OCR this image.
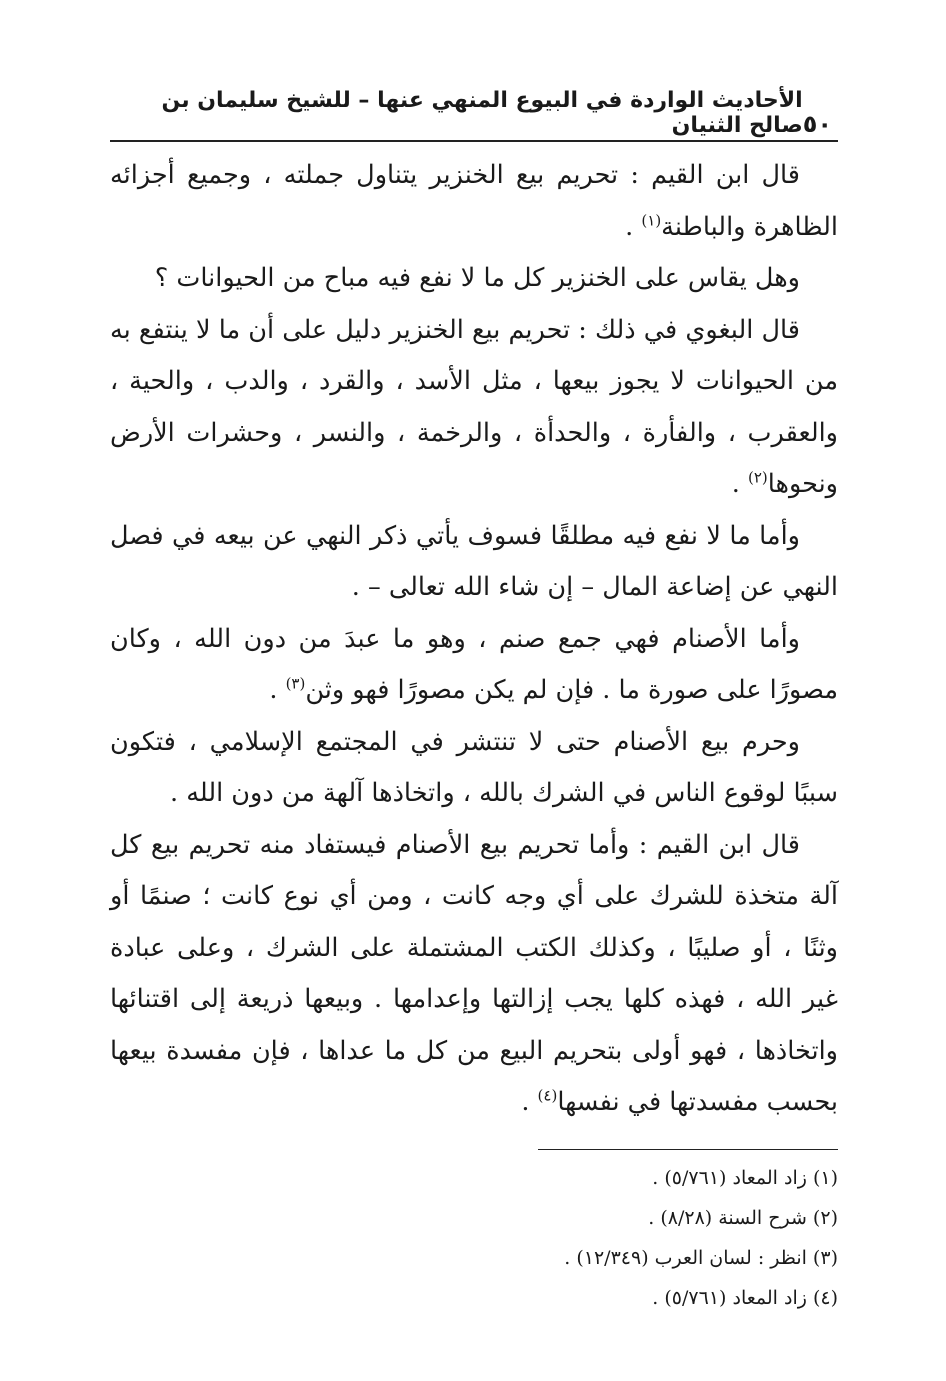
٥٠
الأحاديث الواردة في البيوع المنهي عنها – للشيخ سليمان بن صالح الثنيان

قال ابن القيم : تحريم بيع الخنزير يتناول جملته ، وجميع أجزائه الظاهرة والباطنة$^{(١)}$ .

وهل يقاس على الخنزير كل ما لا نفع فيه مباح من الحيوانات ؟

قال البغوي في ذلك : تحريم بيع الخنزير دليل على أن ما لا ينتفع به من الحيوانات لا يجوز بيعها ، مثل الأسد ، والقرد ، والدب ، والحية ، والعقرب ، والفأرة ، والحدأة ، والرخمة ، والنسر ، وحشرات الأرض ونحوها$^{(٢)}$ .

وأما ما لا نفع فيه مطلقًا فسوف يأتي ذكر النهي عن بيعه في فصل النهي عن إضاعة المال – إن شاء الله تعالى – .

وأما الأصنام فهي جمع صنم ، وهو ما عبدَ من دون الله ، وكان مصورًا على صورة ما . فإن لم يكن مصورًا فهو وثن$^{(٣)}$ .

وحرم بيع الأصنام حتى لا تنتشر في المجتمع الإسلامي ، فتكون سببًا لوقوع الناس في الشرك بالله ، واتخاذها آلهة من دون الله .

قال ابن القيم : وأما تحريم بيع الأصنام فيستفاد منه تحريم بيع كل آلة متخذة للشرك على أي وجه كانت ، ومن أي نوع كانت ؛ صنمًا أو وثنًا ، أو صليبًا ، وكذلك الكتب المشتملة على الشرك ، وعلى عبادة غير الله ، فهذه كلها يجب إزالتها وإعدامها . وبيعها ذريعة إلى اقتنائها واتخاذها ، فهو أولى بتحريم البيع من كل ما عداها ، فإن مفسدة بيعها بحسب مفسدتها في نفسها$^{(٤)}$ .

(١) زاد المعاد (٥/٧٦١) .
(٢) شرح السنة (٨/٢٨) .
(٣) انظر : لسان العرب (١٢/٣٤٩) .
(٤) زاد المعاد (٥/٧٦١) .
